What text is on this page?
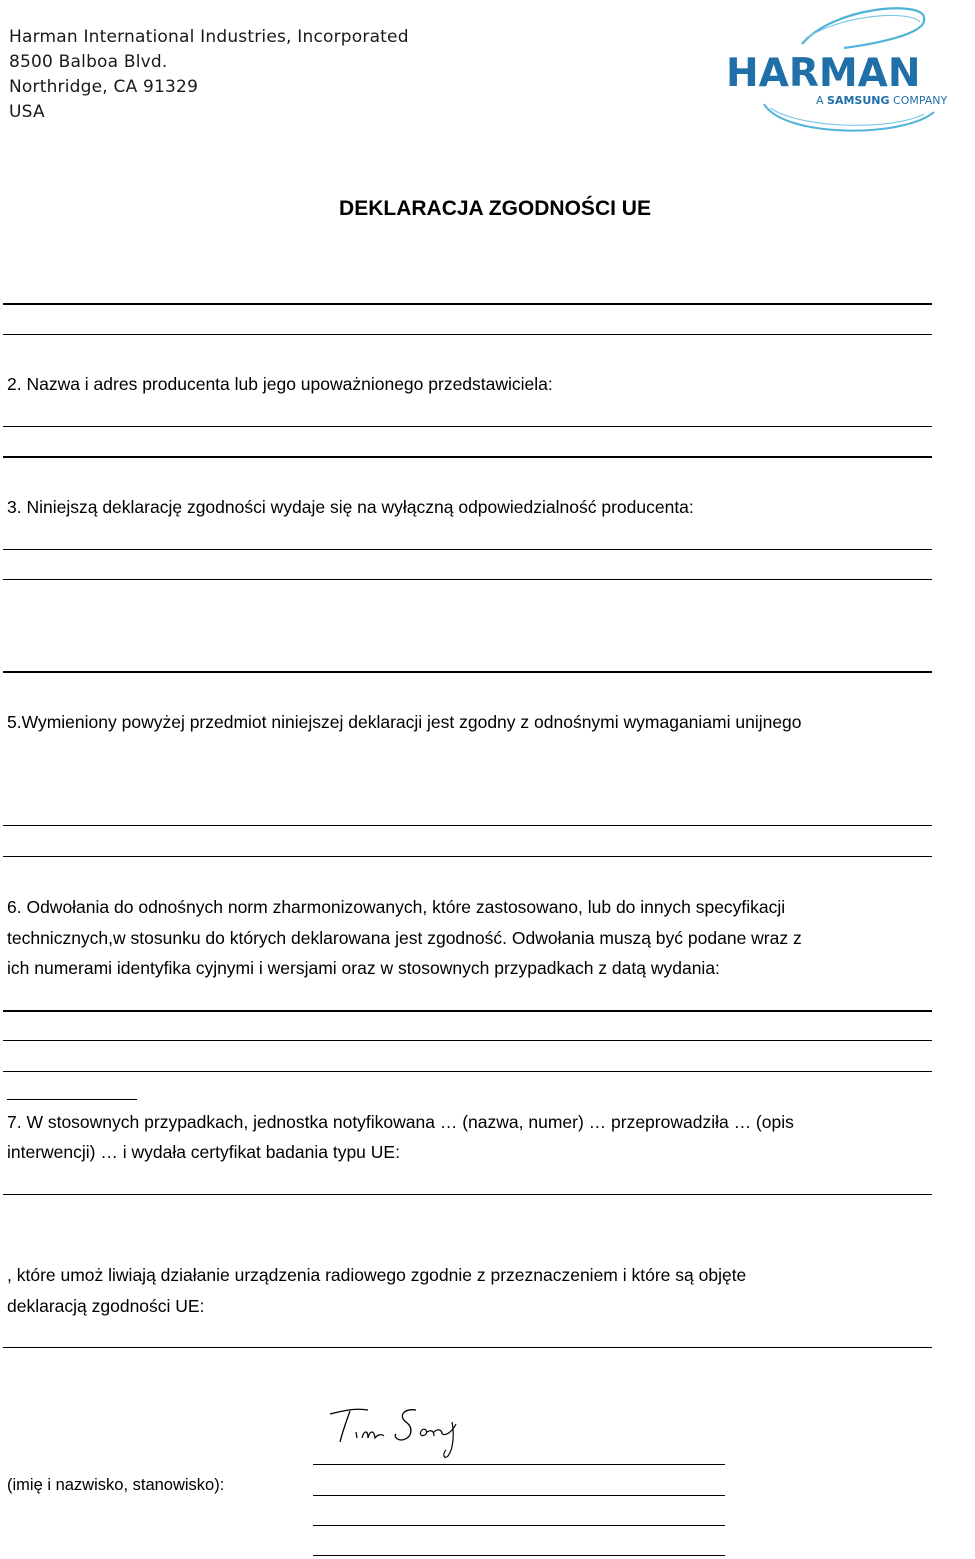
Harman International Industries, Incorporated
8500 Balboa Blvd.
Northridge, CA 91329
USA
HARMAN
A SAMSUNG COMPANY
DEKLARACJA ZGODNOŚCI UE
2. Nazwa i adres producenta lub jego upoważnionego przedstawiciela:
3. Niniejszą deklarację zgodności wydaje się na wyłączną odpowiedzialność producenta:
5.Wymieniony powyżej przedmiot niniejszej deklaracji jest zgodny z odnośnymi wymaganiami unijnego
6. Odwołania do odnośnych norm zharmonizowanych, które zastosowano, lub do innych specyfikacji
technicznych,w stosunku do których deklarowana jest zgodność. Odwołania muszą być podane wraz z
ich numerami identyfika cyjnymi i wersjami oraz w stosownych przypadkach z datą wydania:
7. W stosownych przypadkach, jednostka notyfikowana … (nazwa, numer) … przeprowadziła … (opis
interwencji) … i wydała certyfikat badania typu UE:
, które umoż liwiają działanie urządzenia radiowego zgodnie z przeznaczeniem i które są objęte
deklaracją zgodności UE:
(imię i nazwisko, stanowisko):
